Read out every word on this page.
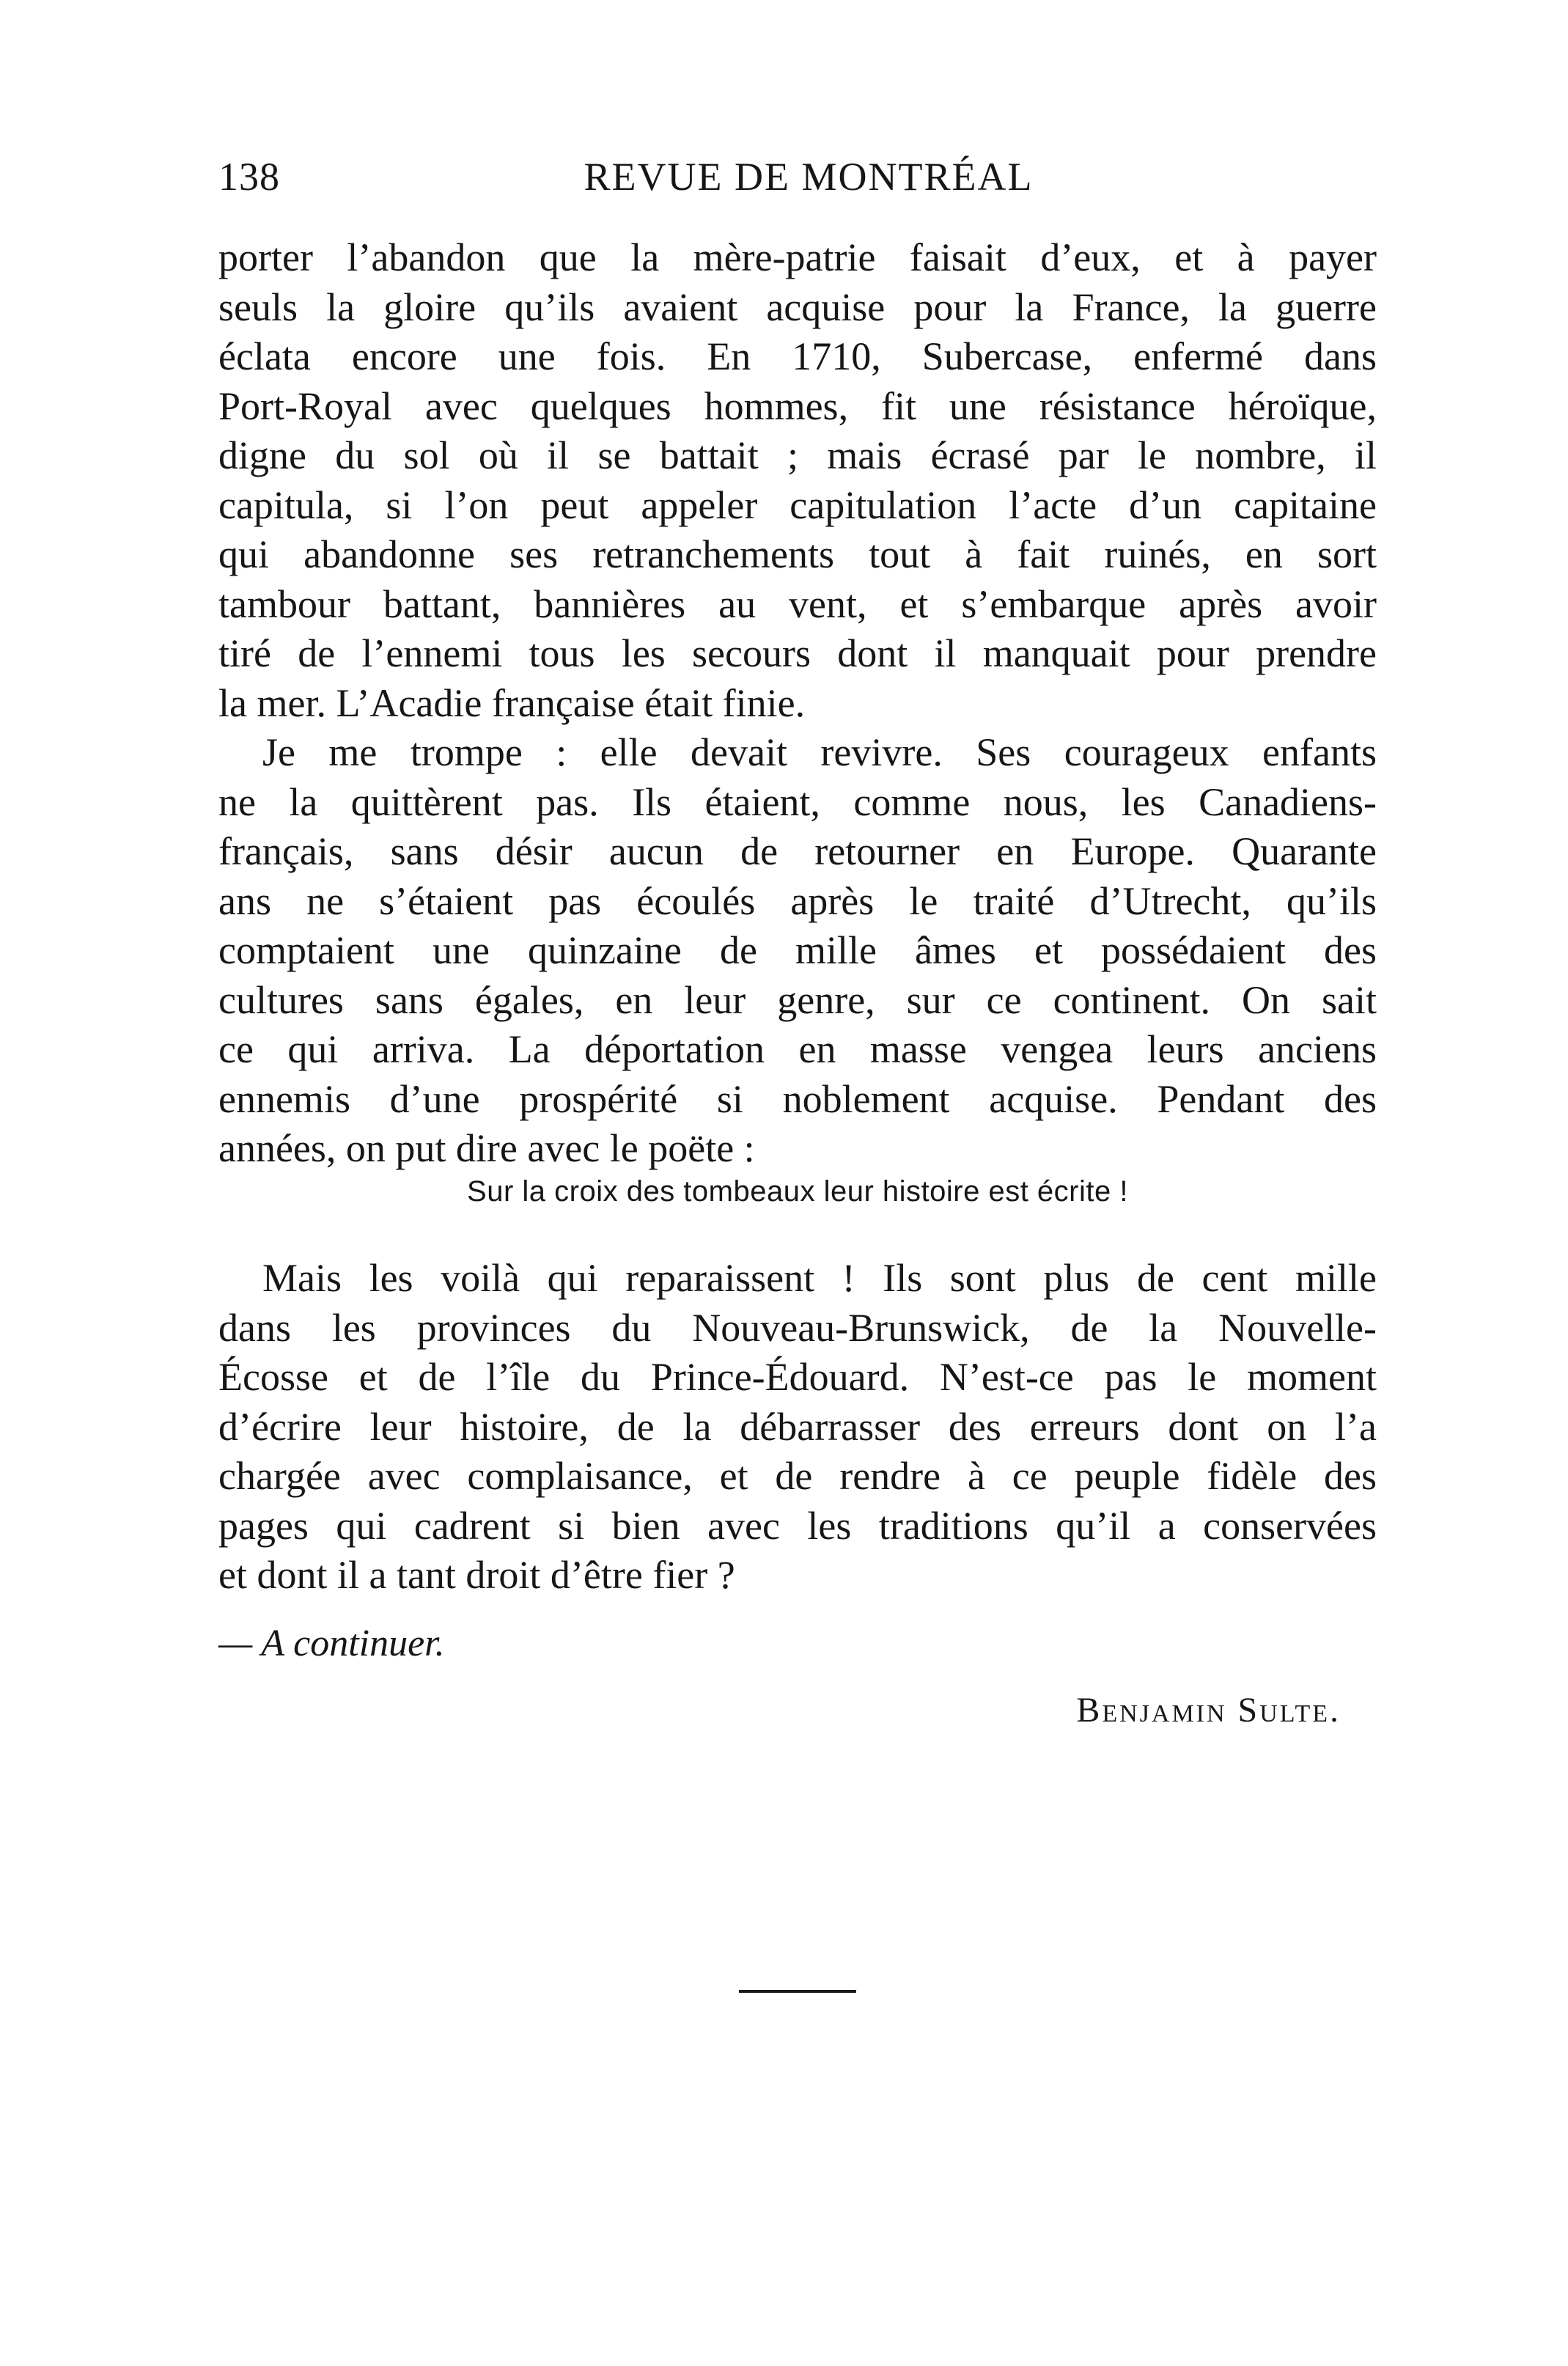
138	REVUE DE MONTRÉAL

porter l’abandon que la mère-patrie faisait d’eux, et à payer
seuls la gloire qu’ils avaient acquise pour la France, la guerre
éclata encore une fois. En 1710, Subercase, enfermé dans
Port-Royal avec quelques hommes, fit une résistance héroïque,
digne du sol où il se battait ; mais écrasé par le nombre, il
capitula, si l’on peut appeler capitulation l’acte d’un capitaine
qui abandonne ses retranchements tout à fait ruinés, en sort
tambour battant, bannières au vent, et s’embarque après avoir
tiré de l’ennemi tous les secours dont il manquait pour prendre
la mer. L’Acadie française était finie.

Je me trompe : elle devait revivre. Ses courageux enfants
ne la quittèrent pas. Ils étaient, comme nous, les Canadiens-
français, sans désir aucun de retourner en Europe. Quarante
ans ne s’étaient pas écoulés après le traité d’Utrecht, qu’ils
comptaient une quinzaine de mille âmes et possédaient des
cultures sans égales, en leur genre, sur ce continent. On sait
ce qui arriva. La déportation en masse vengea leurs anciens
ennemis d’une prospérité si noblement acquise. Pendant des
années, on put dire avec le poëte :

Sur la croix des tombeaux leur histoire est écrite !

Mais les voilà qui reparaissent ! Ils sont plus de cent mille
dans les provinces du Nouveau-Brunswick, de la Nouvelle-
Écosse et de l’île du Prince-Édouard. N’est-ce pas le moment
d’écrire leur histoire, de la débarrasser des erreurs dont on l’a
chargée avec complaisance, et de rendre à ce peuple fidèle des
pages qui cadrent si bien avec les traditions qu’il a conservées
et dont il a tant droit d’être fier ?

— A continuer.
Benjamin Sulte.
